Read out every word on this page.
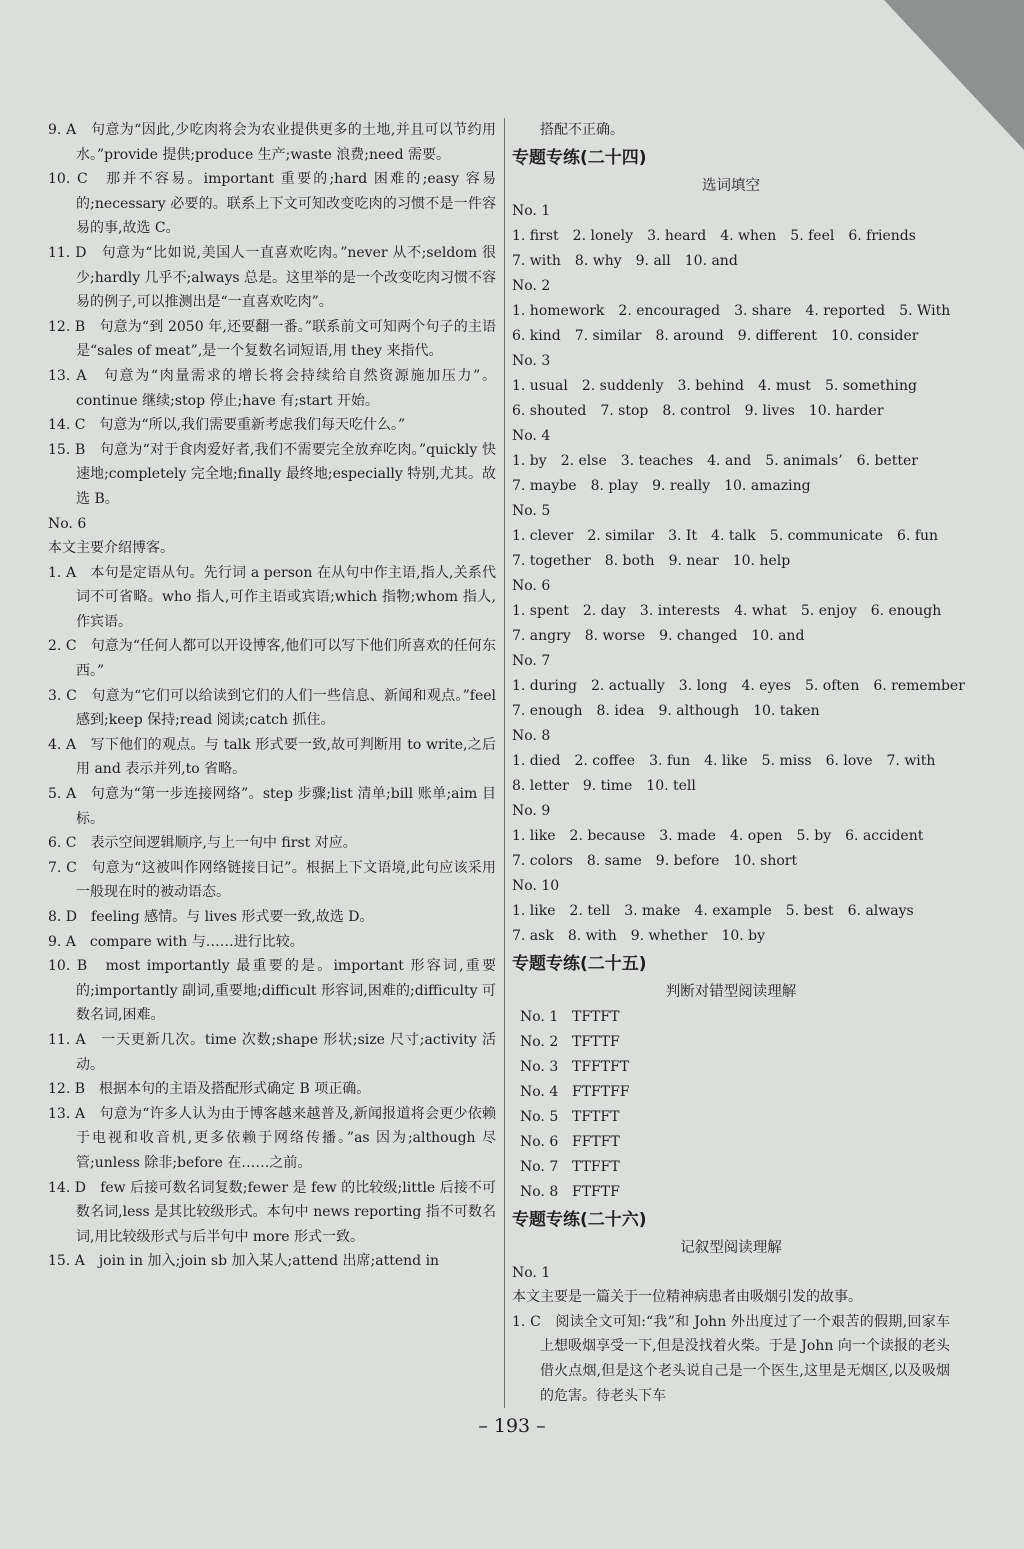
9. A　句意为“因此,少吃肉将会为农业提供更多的土地,并且可以节约用水。”provide 提供;produce 生产;waste 浪费;need 需要。

10. C　那并不容易。important 重要的;hard 困难的;easy 容易的;necessary 必要的。联系上下文可知改变吃肉的习惯不是一件容易的事,故选 C。

11. D　句意为“比如说,美国人一直喜欢吃肉。”never 从不;seldom 很少;hardly 几乎不;always 总是。这里举的是一个改变吃肉习惯不容易的例子,可以推测出是“一直喜欢吃肉”。

12. B　句意为“到 2050 年,还要翻一番。”联系前文可知两个句子的主语是“sales of meat”,是一个复数名词短语,用 they 来指代。

13. A　句意为“肉量需求的增长将会持续给自然资源施加压力”。continue 继续;stop 停止;have 有;start 开始。

14. C　句意为“所以,我们需要重新考虑我们每天吃什么。”

15. B　句意为“对于食肉爱好者,我们不需要完全放弃吃肉。”quickly 快速地;completely 完全地;finally 最终地;especially 特别,尤其。故选 B。

No. 6

本文主要介绍博客。

1. A　本句是定语从句。先行词 a person 在从句中作主语,指人,关系代词不可省略。who 指人,可作主语或宾语;which 指物;whom 指人,作宾语。

2. C　句意为“任何人都可以开设博客,他们可以写下他们所喜欢的任何东西。”

3. C　句意为“它们可以给读到它们的人们一些信息、新闻和观点。”feel 感到;keep 保持;read 阅读;catch 抓住。

4. A　写下他们的观点。与 talk 形式要一致,故可判断用 to write,之后用 and 表示并列,to 省略。

5. A　句意为“第一步连接网络”。step 步骤;list 清单;bill 账单;aim 目标。

6. C　表示空间逻辑顺序,与上一句中 first 对应。

7. C　句意为“这被叫作网络链接日记”。根据上下文语境,此句应该采用一般现在时的被动语态。

8. D　feeling 感情。与 lives 形式要一致,故选 D。

9. A　compare with 与……进行比较。

10. B　most importantly 最重要的是。important 形容词,重要的;importantly 副词,重要地;difficult 形容词,困难的;difficulty 可数名词,困难。

11. A　一天更新几次。time 次数;shape 形状;size 尺寸;activity 活动。

12. B　根据本句的主语及搭配形式确定 B 项正确。

13. A　句意为“许多人认为由于博客越来越普及,新闻报道将会更少依赖于电视和收音机,更多依赖于网络传播。”as 因为;although 尽管;unless 除非;before 在……之前。

14. D　few 后接可数名词复数;fewer 是 few 的比较级;little 后接不可数名词,less 是其比较级形式。本句中 news reporting 指不可数名词,用比较级形式与后半句中 more 形式一致。

15. A　join in 加入;join sb 加入某人;attend 出席;attend in

搭配不正确。

专题专练(二十四)
选词填空
No. 1
1. first 2. lonely 3. heard 4. when 5. feel 6. friends
7. with 8. why 9. all 10. and
No. 2
1. homework 2. encouraged 3. share 4. reported 5. With
6. kind 7. similar 8. around 9. different 10. consider
No. 3
1. usual 2. suddenly 3. behind 4. must 5. something
6. shouted 7. stop 8. control 9. lives 10. harder
No. 4
1. by 2. else 3. teaches 4. and 5. animals’ 6. better
7. maybe 8. play 9. really 10. amazing
No. 5
1. clever 2. similar 3. It 4. talk 5. communicate 6. fun
7. together 8. both 9. near 10. help
No. 6
1. spent 2. day 3. interests 4. what 5. enjoy 6. enough
7. angry 8. worse 9. changed 10. and
No. 7
1. during 2. actually 3. long 4. eyes 5. often 6. remember
7. enough 8. idea 9. although 10. taken
No. 8
1. died 2. coffee 3. fun 4. like 5. miss 6. love 7. with
8. letter 9. time 10. tell
No. 9
1. like 2. because 3. made 4. open 5. by 6. accident
7. colors 8. same 9. before 10. short
No. 10
1. like 2. tell 3. make 4. example 5. best 6. always
7. ask 8. with 9. whether 10. by
专题专练(二十五)
判断对错型阅读理解
No. 1 TFTFT
No. 2 TFTTF
No. 3 TFFTFT
No. 4 FTFTFF
No. 5 TFTFT
No. 6 FFTFT
No. 7 TTFFT
No. 8 FTFTF
专题专练(二十六)
记叙型阅读理解

No. 1

本文主要是一篇关于一位精神病患者由吸烟引发的故事。

1. C　阅读全文可知:“我”和 John 外出度过了一个艰苦的假期,回家车上想吸烟享受一下,但是没找着火柴。于是 John 向一个读报的老头借火点烟,但是这个老头说自己是一个医生,这里是无烟区,以及吸烟的危害。待老头下车

– 193 –
